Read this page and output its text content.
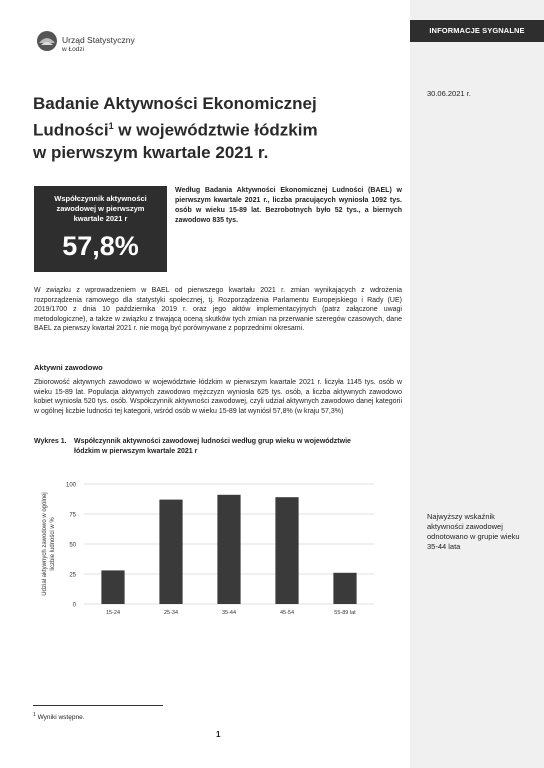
INFORMACJE SYGNALNE
30.06.2021 r.
Urząd Statystyczny
w Łodzi
Badanie Aktywności Ekonomicznej
Ludności$^1$ w województwie łódzkim
w pierwszym kwartale 2021 r.
Współczynnik aktywności zawodowej w pierwszym kwartale 2021 r
57,8%

Według Badania Aktywności Ekonomicznej Ludności (BAEL) w pierwszym kwartale 2021 r., liczba pracujących wyniosła 1092 tys. osób w wieku 15-89 lat. Bezrobotnych było 52 tys., a biernych zawodowo 835 tys.

W związku z wprowadzeniem w BAEL od pierwszego kwartału 2021 r. zmian wynikających z wdrożenia rozporządzenia ramowego dla statystyki społecznej, tj. Rozporządzenia Parlamentu Europejskiego i Rady (UE) 2019/1700 z dnia 10 października 2019 r. oraz jego aktów implementacyjnych (patrz załączone uwagi metodologiczne), a także w związku z trwającą oceną skutków tych zmian na przerwanie szeregów czasowych, dane BAEL za pierwszy kwartał 2021 r. nie mogą być porównywane z poprzednimi okresami.

Aktywni zawodowo

Zbiorowość aktywnych zawodowo w województwie łódzkim w pierwszym kwartale 2021 r. liczyła 1145 tys. osób w wieku 15-89 lat. Populacja aktywnych zawodowo mężczyzn wyniosła 625 tys. osób, a liczba aktywnych zawodowo kobiet wyniosła 520 tys. osób. Współczynnik aktywności zawodowej, czyli udział aktywnych zawodowo danej kategorii w ogólnej liczbie ludności tej kategorii, wśród osób w wieku 15-89 lat wyniósł 57,8% (w kraju 57,3%)

Wykres 1. Współczynnik aktywności zawodowej ludności według grup wieku w województwie
łódzkim w pierwszym kwartale 2021 r
0
25
50
75
100
15-24	25-34	35-44	45-54	55-89 lat
Udział aktywnych zawodowo w ogólnej liczbie ludności w %
Najwyższy wskaźnik aktywności zawodowej odnotowano w grupie wieku 35-44 lata
$^1$ Wyniki wstępne.
1
